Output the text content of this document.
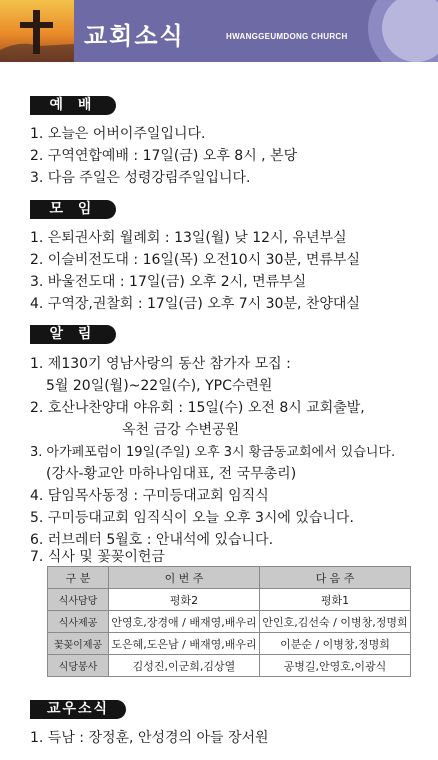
교회소식	HWANGGEUMDONG CHURCH
예 배
1. 오늘은 어버이주일입니다.
2. 구역연합예배 : 17일(금) 오후 8시 , 본당
3. 다음 주일은 성령강림주일입니다.
모 임
1. 은퇴권사회 월례회 : 13일(월) 낮 12시, 유년부실
2. 이슬비전도대 : 16일(목) 오전10시 30분, 면류부실
3. 바울전도대 : 17일(금) 오후 2시, 면류부실
4. 구역장,권찰회 : 17일(금) 오후 7시 30분, 찬양대실
알 림
1. 제130기 영남사랑의 동산 참가자 모집 :
5월 20일(월)~22일(수), YPC수련원
2. 호산나찬양대 야유회 : 15일(수) 오전 8시 교회출발,
옥천 금강 수변공원
3. 아가페포럼이 19일(주일) 오후 3시 황금동교회에서 있습니다.
(강사-황교안 마하나임대표, 전 국무총리)
4. 담임목사동정 : 구미등대교회 임직식
5. 구미등대교회 임직식이 오늘 오후 3시에 있습니다.
6. 러브레터 5월호 : 안내석에 있습니다.
7. 식사 및 꽃꽂이헌금
구 분	이 번 주	다 음 주
식사담당	평화2	평화1
식사제공	안영호,장경애 / 배재영,배우리	안인호,김선숙 / 이병창,정명희
꽃꽂이제공	도은혜,도은남 / 배재영,배우리	이분순 / 이병창,정명희
식당봉사	김성진,이군희,김상열	공병길,안영호,이광식
교우소식
1. 득남 : 장정훈, 안성경의 아들 장서원
